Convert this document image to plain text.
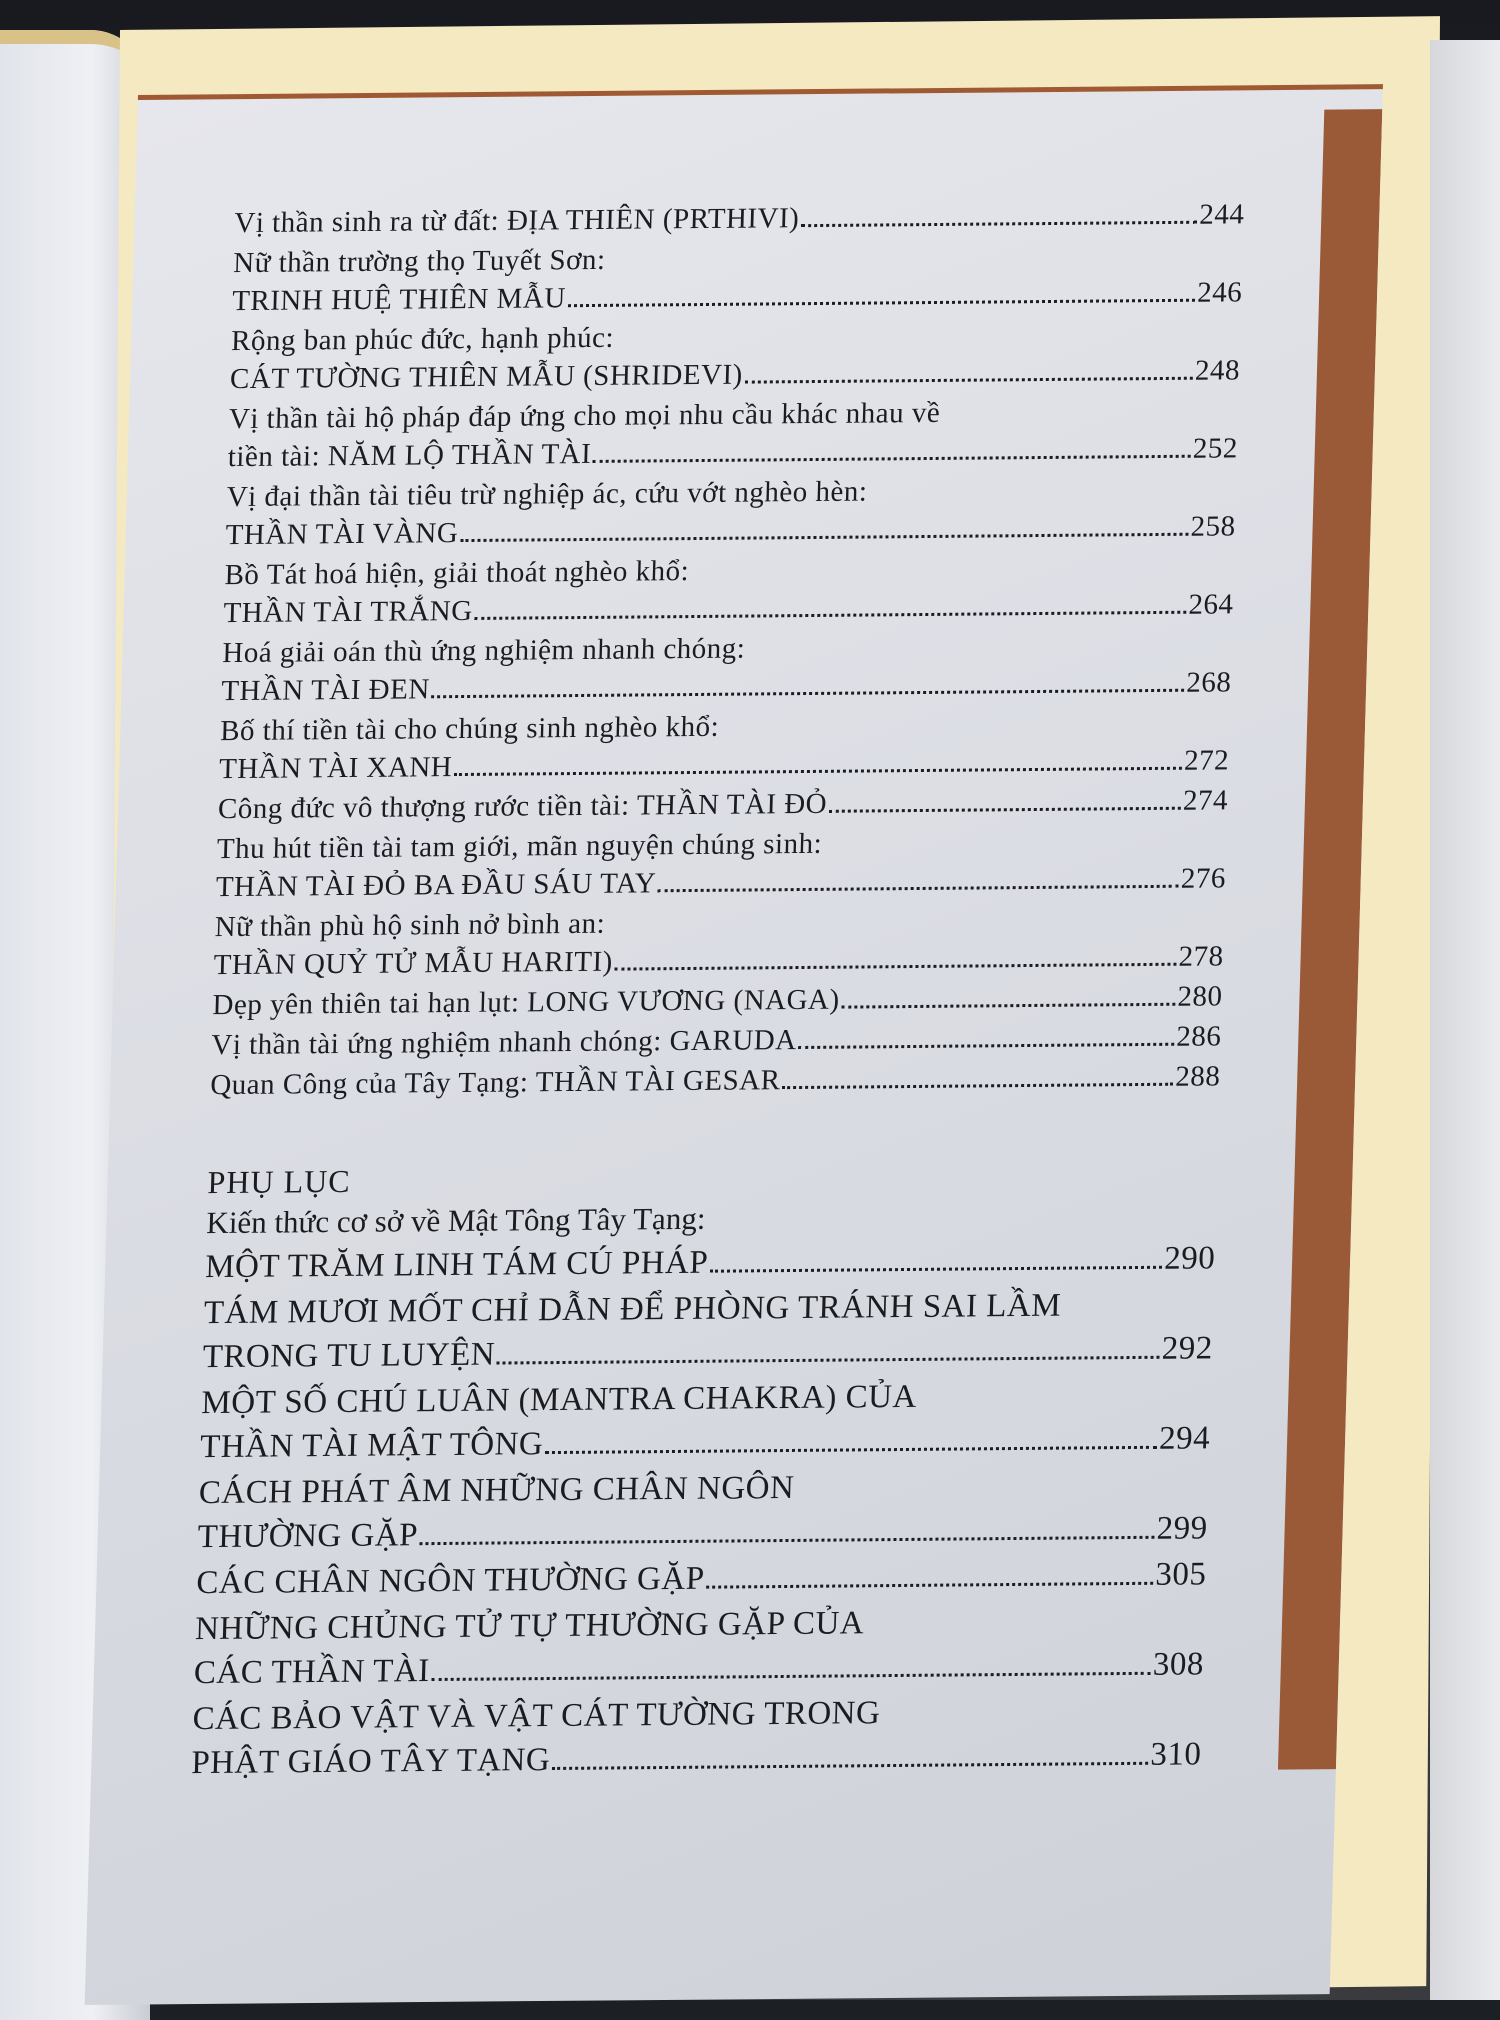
Vị thần sinh ra từ đất: ĐỊA THIÊN (PRTHIVI)	244
Nữ thần trường thọ Tuyết Sơn:
TRINH HUỆ THIÊN MẪU	246
Rộng ban phúc đức, hạnh phúc:
CÁT TƯỜNG THIÊN MẪU (SHRIDEVI)	248
Vị thần tài hộ pháp đáp ứng cho mọi nhu cầu khác nhau về
tiền tài: NĂM LỘ THẦN TÀI	252
Vị đại thần tài tiêu trừ nghiệp ác, cứu vớt nghèo hèn:
THẦN TÀI VÀNG	258
Bồ Tát hoá hiện, giải thoát nghèo khổ:
THẦN TÀI TRẮNG	264
Hoá giải oán thù ứng nghiệm nhanh chóng:
THẦN TÀI ĐEN	268
Bố thí tiền tài cho chúng sinh nghèo khổ:
THẦN TÀI XANH	272
Công đức vô thượng rước tiền tài: THẦN TÀI ĐỎ	274
Thu hút tiền tài tam giới, mãn nguyện chúng sinh:
THẦN TÀI ĐỎ BA ĐẦU SÁU TAY	276
Nữ thần phù hộ sinh nở bình an:
THẦN QUỶ TỬ MẪU HARITI)	278
Dẹp yên thiên tai hạn lụt: LONG VƯƠNG (NAGA)	280
Vị thần tài ứng nghiệm nhanh chóng: GARUDA	286
Quan Công của Tây Tạng: THẦN TÀI GESAR	288
PHỤ LỤC
Kiến thức cơ sở về Mật Tông Tây Tạng:
MỘT TRĂM LINH TÁM CÚ PHÁP	290
TÁM MƯƠI MỐT CHỈ DẪN ĐỂ PHÒNG TRÁNH SAI LẦM
TRONG TU LUYỆN	292
MỘT SỐ CHÚ LUÂN (MANTRA CHAKRA) CỦA
THẦN TÀI MẬT TÔNG	294
CÁCH PHÁT ÂM NHỮNG CHÂN NGÔN
THƯỜNG GẶP	299
CÁC CHÂN NGÔN THƯỜNG GẶP	305
NHỮNG CHỦNG TỬ TỰ THƯỜNG GẶP CỦA
CÁC THẦN TÀI	308
CÁC BẢO VẬT VÀ VẬT CÁT TƯỜNG TRONG
PHẬT GIÁO TÂY TẠNG	310
